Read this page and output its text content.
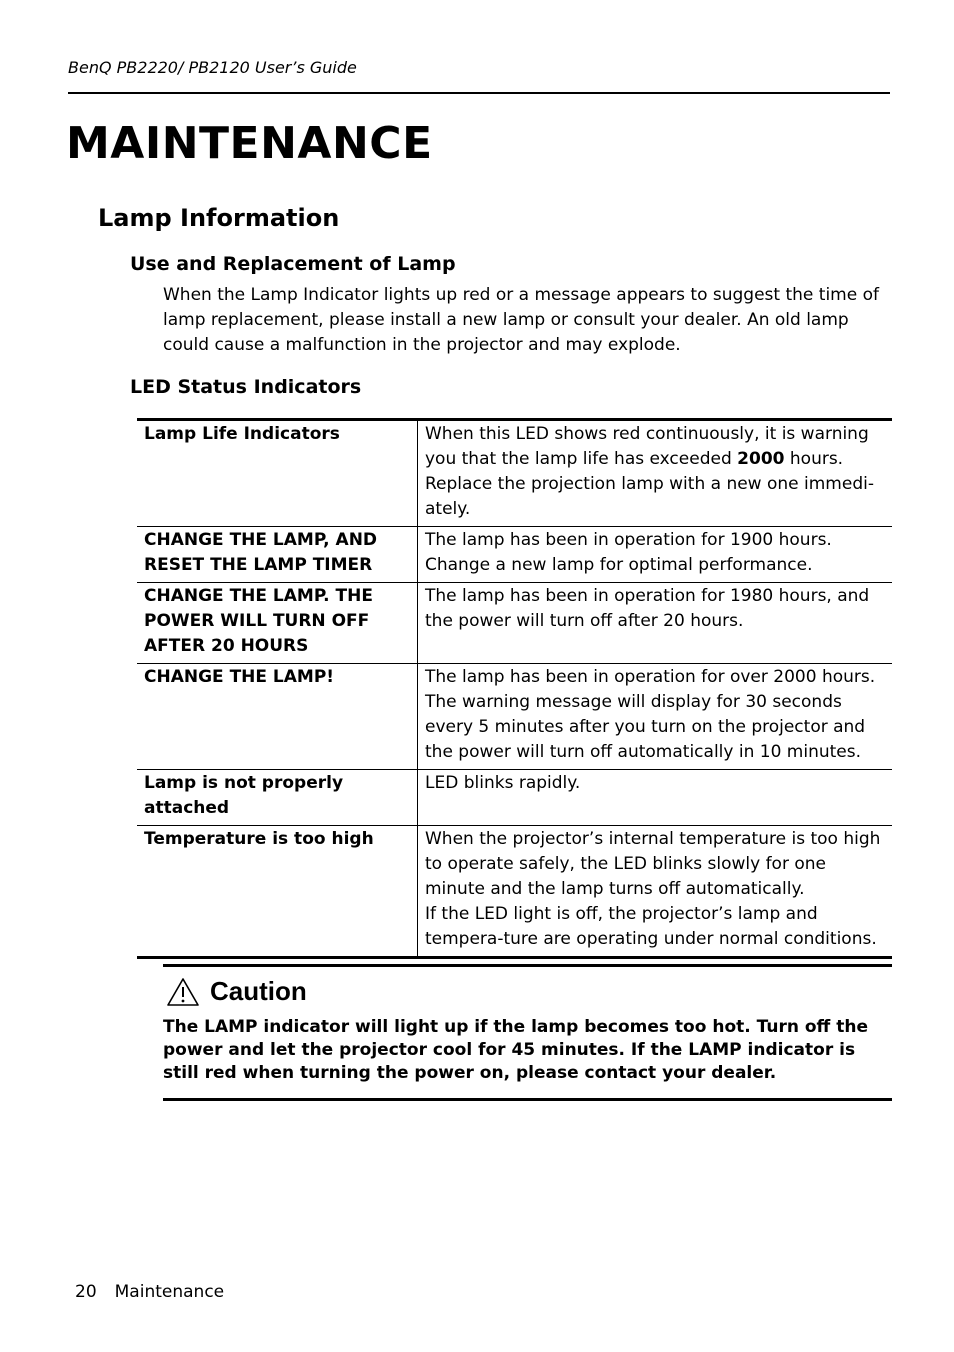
BenQ PB2220/ PB2120 User’s Guide
MAINTENANCE
Lamp Information
Use and Replacement of Lamp
When the Lamp Indicator lights up red or a message appears to suggest the time of lamp replacement, please install a new lamp or consult your dealer. An old lamp could cause a malfunction in the projector and may explode.
LED Status Indicators
Lamp Life Indicators	When this LED shows red continuously, it is warning you that the lamp life has exceeded 2000 hours. Replace the projection lamp with a new one immedi-ately.
CHANGE THE LAMP, AND RESET THE LAMP TIMER	The lamp has been in operation for 1900 hours. Change a new lamp for optimal performance.
CHANGE THE LAMP. THE POWER WILL TURN OFF AFTER 20 HOURS	The lamp has been in operation for 1980 hours, and the power will turn off after 20 hours.
CHANGE THE LAMP!	The lamp has been in operation for over 2000 hours. The warning message will display for 30 seconds every 5 minutes after you turn on the projector and the power will turn off automatically in 10 minutes.
Lamp is not properly attached	LED blinks rapidly.
Temperature is too high	When the projector’s internal temperature is too high to operate safely, the LED blinks slowly for one minute and the lamp turns off automatically.
If the LED light is off, the projector’s lamp and tempera-ture are operating under normal conditions.
Caution
The LAMP indicator will light up if the lamp becomes too hot. Turn off the power and let the projector cool for 45 minutes. If the LAMP indicator is still red when turning the power on, please contact your dealer.
20 Maintenance
